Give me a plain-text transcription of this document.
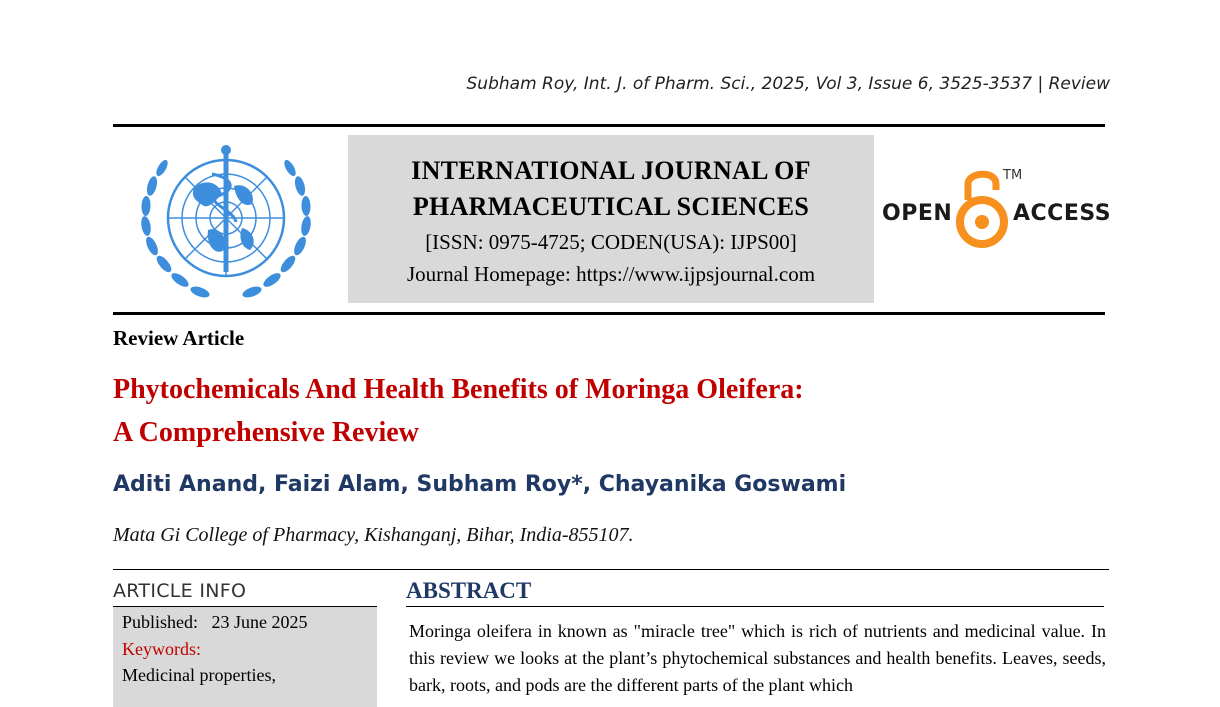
Subham Roy, Int. J. of Pharm. Sci., 2025, Vol 3, Issue 6, 3525-3537 | Review
INTERNATIONAL JOURNAL OF
PHARMACEUTICAL SCIENCES
[ISSN: 0975-4725; CODEN(USA): IJPS00]
Journal Homepage: https://www.ijpsjournal.com
OPEN
TM
ACCESS
Review Article
Phytochemicals And Health Benefits of Moringa Oleifera:
A Comprehensive Review
Aditi Anand, Faizi Alam, Subham Roy*, Chayanika Goswami
Mata Gi College of Pharmacy, Kishanganj, Bihar, India-855107.
ARTICLE INFO
Published: 23 June 2025
Keywords:
Medicinal properties,
ABSTRACT
Moringa oleifera in known as "miracle tree" which is rich of nutrients and medicinal value. In this review we looks at the plant’s phytochemical substances and health benefits. Leaves, seeds, bark, roots, and pods are the different parts of the plant which
